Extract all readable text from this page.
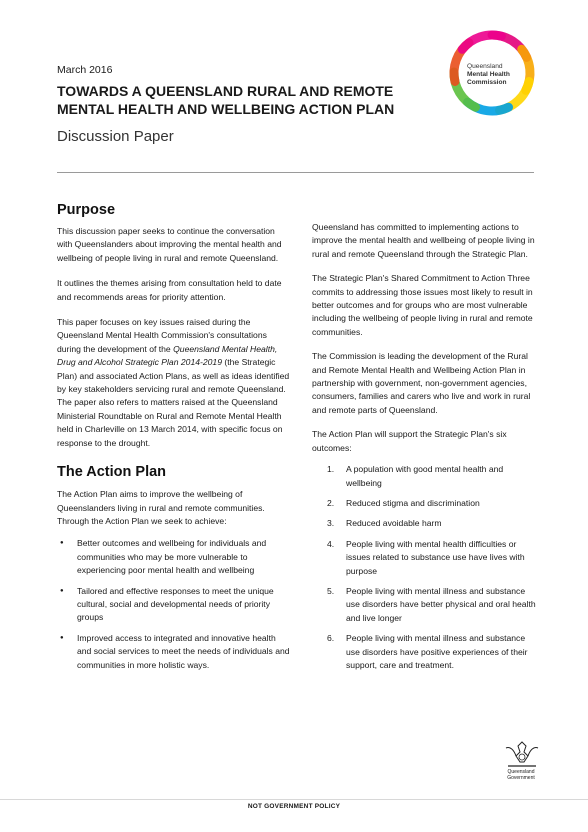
March 2016
TOWARDS A QUEENSLAND RURAL AND REMOTE
MENTAL HEALTH AND WELLBEING ACTION PLAN
Discussion Paper
Queensland
Mental Health
Commission
Purpose

This discussion paper seeks to continue the conversation with Queenslanders about improving the mental health and wellbeing of people living in rural and remote Queensland.

It outlines the themes arising from consultation held to date and recommends areas for priority attention.

This paper focuses on key issues raised during the Queensland Mental Health Commission's consultations during the development of the Queensland Mental Health, Drug and Alcohol Strategic Plan 2014-2019 (the Strategic Plan) and associated Action Plans, as well as ideas identified by key stakeholders servicing rural and remote Queensland. The paper also refers to matters raised at the Queensland Ministerial Roundtable on Rural and Remote Mental Health held in Charleville on 13 March 2014, with specific focus on response to the drought.

The Action Plan

The Action Plan aims to improve the wellbeing of Queenslanders living in rural and remote communities. Through the Action Plan we seek to achieve:

● Better outcomes and wellbeing for individuals and communities who may be more vulnerable to experiencing poor mental health and wellbeing
● Tailored and effective responses to meet the unique cultural, social and developmental needs of priority groups
● Improved access to integrated and innovative health and social services to meet the needs of individuals and communities in more holistic ways.

Queensland has committed to implementing actions to improve the mental health and wellbeing of people living in rural and remote Queensland through the Strategic Plan.

The Strategic Plan's Shared Commitment to Action Three commits to addressing those issues most likely to result in better outcomes and for groups who are most vulnerable including the wellbeing of people living in rural and remote communities.

The Commission is leading the development of the Rural and Remote Mental Health and Wellbeing Action Plan in partnership with government, non-government agencies, consumers, families and carers who live and work in rural and remote parts of Queensland.

The Action Plan will support the Strategic Plan's six outcomes:

1. A population with good mental health and wellbeing
2. Reduced stigma and discrimination
3. Reduced avoidable harm
4. People living with mental health difficulties or issues related to substance use have lives with purpose
5. People living with mental illness and substance use disorders have better physical and oral health and live longer
6. People living with mental illness and substance use disorders have positive experiences of their support, care and treatment.
Queensland
Government
NOT GOVERNMENT POLICY
